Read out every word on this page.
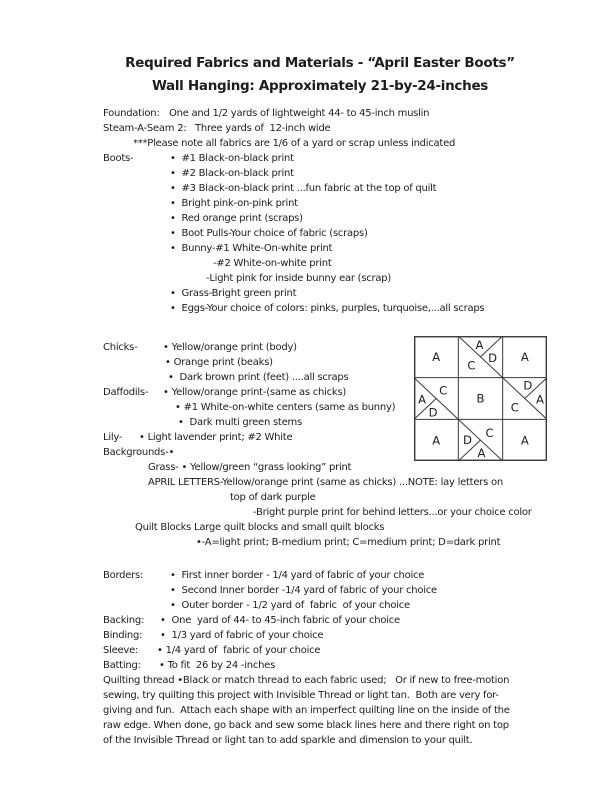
Required Fabrics and Materials - “April Easter Boots”
Wall Hanging: Approximately 21-by-24-inches
Foundation: One and 1/2 yards of lightweight 44- to 45-inch muslin
Steam-A-Seam 2: Three yards of  12-inch wide
***Please note all fabrics are 1/6 of a yard or scrap unless indicated
Boots-	•  #1 Black-on-black print
•  #2 Black-on-black print
•  #3 Black-on-black print ...fun fabric at the top of quilt
•  Bright pink-on-pink print
•  Red orange print (scraps)
•  Boot Pulls-Your choice of fabric (scraps)
•  Bunny-#1 White-On-white print
-#2 White-on-white print
-Light pink for inside bunny ear (scrap)
•  Grass-Bright green print
•  Eggs-Your choice of colors: pinks, purples, turquoise,...all scraps
Chicks-	• Yellow/orange print (body)
• Orange print (beaks)
•  Dark brown print (feet) ....all scraps
Daffodils- • Yellow/orange print-(same as chicks)
• #1 White-on-white centers (same as bunny)
•  Dark multi green stems
Lily- • Light lavender print; #2 White
Backgrounds-•
Grass- • Yellow/green “grass looking” print
APRIL LETTERS-Yellow/orange print (same as chicks) ...NOTE: lay letters on
top of dark purple
-Bright purple print for behind letters...or your choice color
Quilt Blocks Large quilt blocks and small quilt blocks
•-A=light print; B-medium print; C=medium print; D=dark print
Borders:	•  First inner border - 1/4 yard of fabric of your choice
•  Second Inner border -1/4 yard of fabric of your choice
•  Outer border - 1/2 yard of  fabric  of your choice
Backing: •  One  yard of 44- to 45-inch fabric of your choice
Binding: •  1/3 yard of fabric of your choice
Sleeve: • 1/4 yard of  fabric of your choice
Batting: • To fit  26 by 24 -inches
Quilting thread •Black or match thread to each fabric used;   Or if new to free-motion
sewing, try quilting this project with Invisible Thread or light tan.  Both are very for-
giving and fun.  Attach each shape with an imperfect quilting line on the inside of the
raw edge. When done, go back and sew some black lines here and there right on top
of the Invisible Thread or light tan to add sparkle and dimension to your quilt.
A	A
A	A
B
A
D
C
C
A
D
D
A
C
D
C
A
